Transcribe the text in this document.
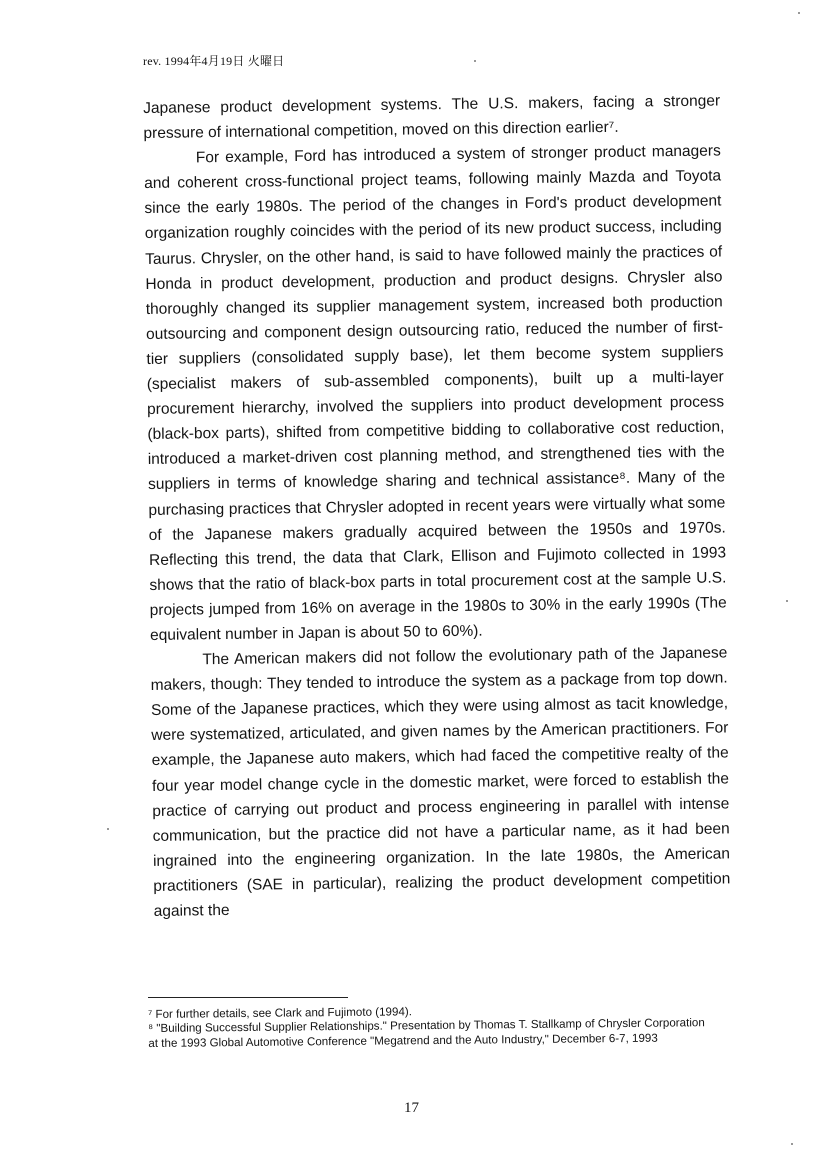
rev. 1994年4月19日 火曜日

Japanese product development systems. The U.S. makers, facing a stronger pressure of international competition, moved on this direction earlier⁷.

For example, Ford has introduced a system of stronger product managers and coherent cross-functional project teams, following mainly Mazda and Toyota since the early 1980s. The period of the changes in Ford's product development organization roughly coincides with the period of its new product success, including Taurus. Chrysler, on the other hand, is said to have followed mainly the practices of Honda in product development, production and product designs. Chrysler also thoroughly changed its supplier management system, increased both production outsourcing and component design outsourcing ratio, reduced the number of first-tier suppliers (consolidated supply base), let them become system suppliers (specialist makers of sub-assembled components), built up a multi-layer procurement hierarchy, involved the suppliers into product development process (black-box parts), shifted from competitive bidding to collaborative cost reduction, introduced a market-driven cost planning method, and strengthened ties with the suppliers in terms of knowledge sharing and technical assistance⁸. Many of the purchasing practices that Chrysler adopted in recent years were virtually what some of the Japanese makers gradually acquired between the 1950s and 1970s. Reflecting this trend, the data that Clark, Ellison and Fujimoto collected in 1993 shows that the ratio of black-box parts in total procurement cost at the sample U.S. projects jumped from 16% on average in the 1980s to 30% in the early 1990s (The equivalent number in Japan is about 50 to 60%).

The American makers did not follow the evolutionary path of the Japanese makers, though: They tended to introduce the system as a package from top down. Some of the Japanese practices, which they were using almost as tacit knowledge, were systematized, articulated, and given names by the American practitioners. For example, the Japanese auto makers, which had faced the competitive realty of the four year model change cycle in the domestic market, were forced to establish the practice of carrying out product and process engineering in parallel with intense communication, but the practice did not have a particular name, as it had been ingrained into the engineering organization. In the late 1980s, the American practitioners (SAE in particular), realizing the product development competition against the

⁷ For further details, see Clark and Fujimoto (1994).

⁸ "Building Successful Supplier Relationships." Presentation by Thomas T. Stallkamp of Chrysler Corporation at the 1993 Global Automotive Conference "Megatrend and the Auto Industry," December 6-7, 1993

17
